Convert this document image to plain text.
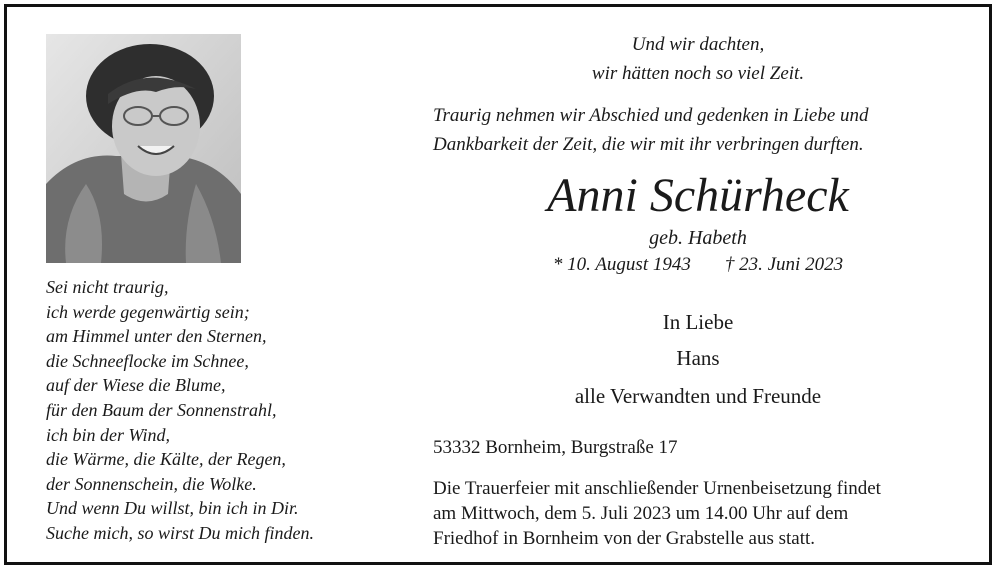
Sei nicht traurig,
ich werde gegenwärtig sein;
am Himmel unter den Sternen,
die Schneeflocke im Schnee,
auf der Wiese die Blume,
für den Baum der Sonnenstrahl,
ich bin der Wind,
die Wärme, die Kälte, der Regen,
der Sonnenschein, die Wolke.
Und wenn Du willst, bin ich in Dir.
Suche mich, so wirst Du mich finden.
Und wir dachten,
wir hätten noch so viel Zeit.
Traurig nehmen wir Abschied und gedenken in Liebe und
Dankbarkeit der Zeit, die wir mit ihr verbringen durften.
Anni Schürheck
geb. Habeth
* 10. August 1943 † 23. Juni 2023
In Liebe
Hans
alle Verwandten und Freunde
53332 Bornheim, Burgstraße 17
Die Trauerfeier mit anschließender Urnenbeisetzung findet
am Mittwoch, dem 5. Juli 2023 um 14.00 Uhr auf dem
Friedhof in Bornheim von der Grabstelle aus statt.
